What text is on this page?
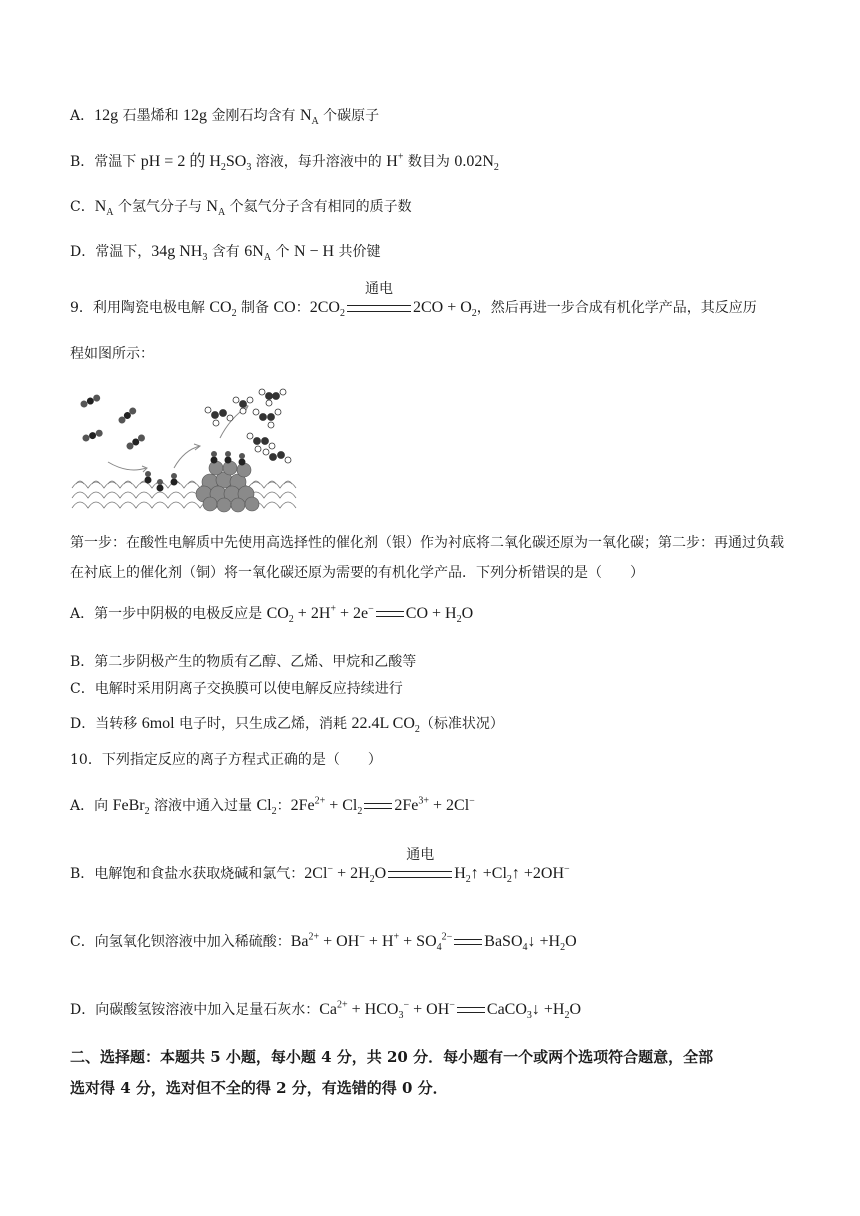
A．12g 石墨烯和 12g 金刚石均含有 $N_A$ 个碳原子
B．常温下 pH = 2 的 $H_2SO_3$ 溶液，每升溶液中的 H+ 数目为 $0.02N_2$
C．$N_A$ 个氢气分子与 $N_A$ 个氦气分子含有相同的质子数
D．常温下，34g $NH_3$ 含有 $6N_A$ 个 N − H 共价键
9．利用陶瓷电极电解 $CO_2$ 制备 CO：$2CO_2$
通电
$2CO + O_2$，然后再进一步合成有机化学产品，其反应历
程如图所示：
第一步：在酸性电解质中先使用高选择性的催化剂（银）作为衬底将二氧化碳还原为一氧化碳；第二步：再通过负载在衬底上的催化剂（铜）将一氧化碳还原为需要的有机化学产品．下列分析错误的是（　　）
A．第一步中阴极的电极反应是 $CO_2 + 2H^+ + 2e^-$ CO + $H_2O$
B．第二步阴极产生的物质有乙醇、乙烯、甲烷和乙酸等
C．电解时采用阴离子交换膜可以使电解反应持续进行
D．当转移 6mol 电子时，只生成乙烯，消耗 22.4L $CO_2$（标准状况）
10．下列指定反应的离子方程式正确的是（　　）
A．向 FeBr$_2$ 溶液中通入过量 $Cl_2$：$2Fe^{2+} + Cl_2$ $2Fe^{3+} + 2Cl^-$
B．电解饱和食盐水获取烧碱和氯气：$2Cl^- + 2H_2O$
通电
$H_2↑$ $+Cl_2↑ +2OH^-$
C．向氢氧化钡溶液中加入稀硫酸：$Ba^{2+} + OH^- + H^+ + SO_4^{2-}$ BaSO$_4$↓ $+H_2O$
D．向碳酸氢铵溶液中加入足量石灰水：$Ca^{2+} + HCO_3^- + OH^-$ CaCO$_3$↓ $+H_2O$
二、选择题：本题共 5 小题，每小题 4 分，共 20 分．每小题有一个或两个选项符合题意，全部
选对得 4 分，选对但不全的得 2 分，有选错的得 0 分．
